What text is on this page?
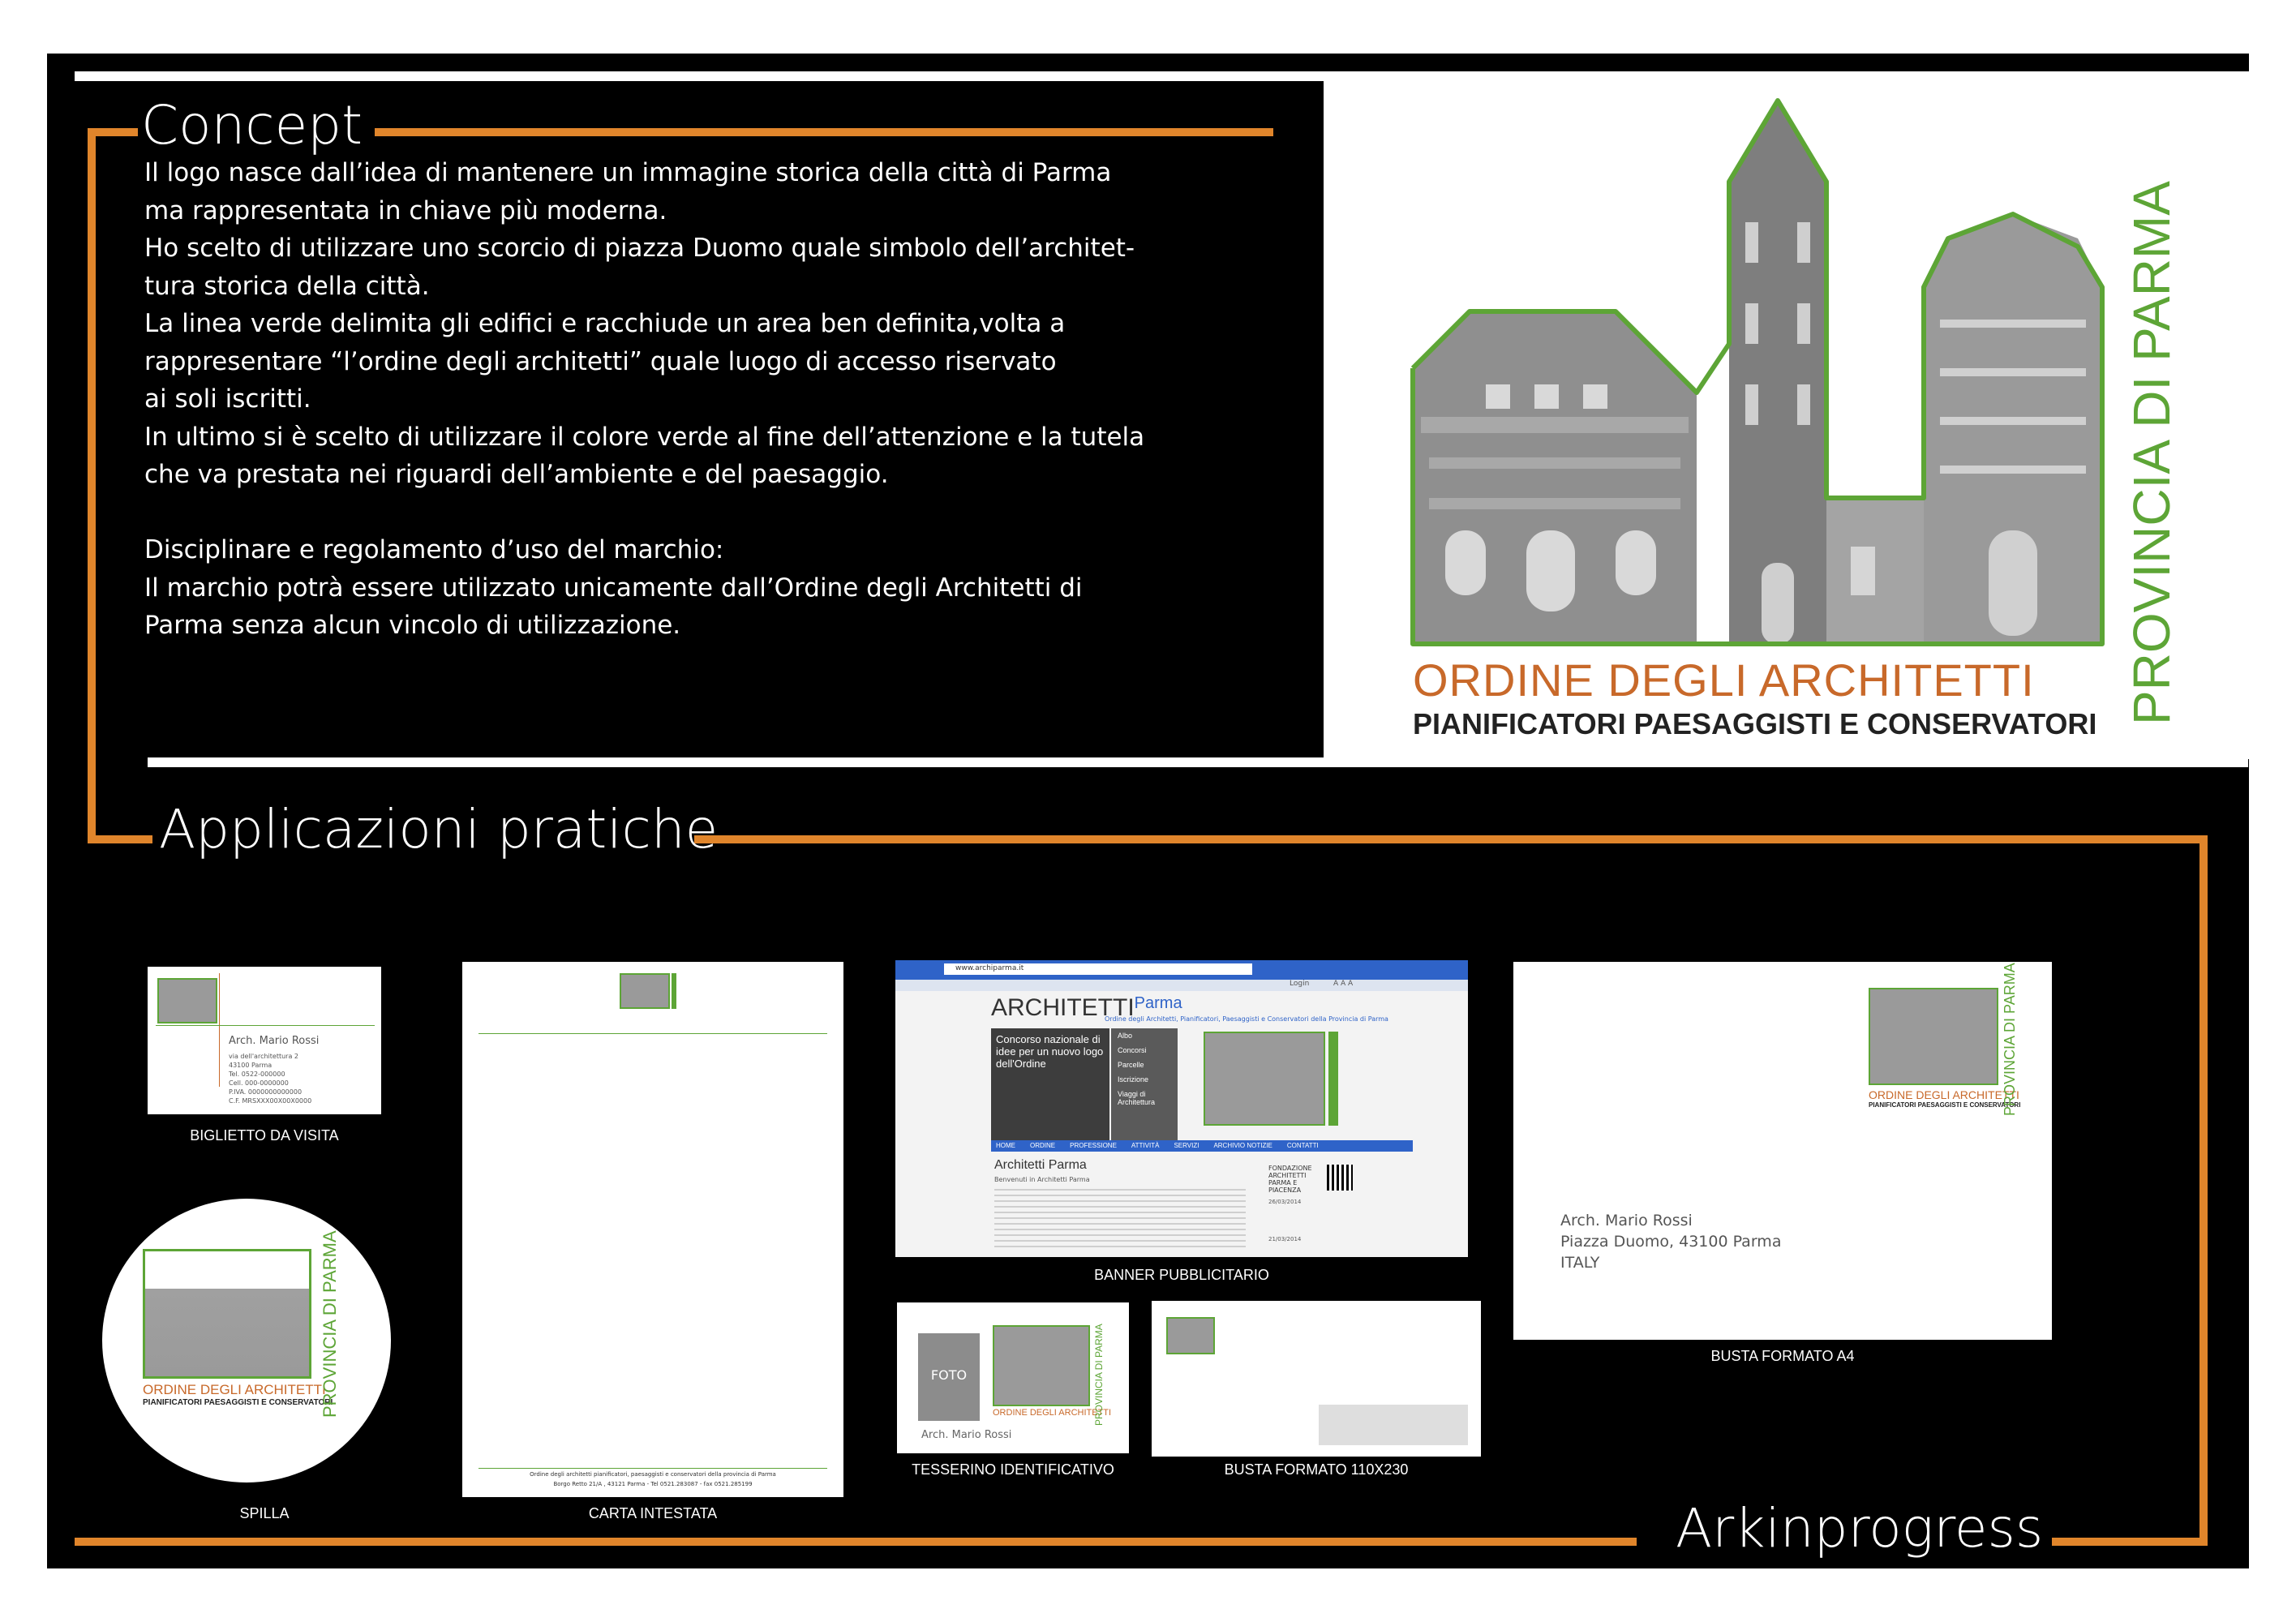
Concept

Il logo nasce dall’idea di mantenere un immagine storica della città di Parma

ma rappresentata in chiave più moderna.

Ho scelto di utilizzare uno scorcio di piazza Duomo quale simbolo dell’architet-

tura storica della città.

La linea verde delimita gli edifici e racchiude un area ben definita,volta a

rappresentare “l’ordine degli architetti” quale luogo di accesso riservato

ai soli iscritti.

In ultimo si è scelto di utilizzare il colore verde al fine dell’attenzione e la tutela

che va prestata nei riguardi dell’ambiente e del paesaggio.

Disciplinare e regolamento d’uso del marchio:

Il marchio potrà essere utilizzato unicamente dall’Ordine degli Architetti di

Parma senza alcun vincolo di utilizzazione.

ORDINE DEGLI ARCHITETTI
PIANIFICATORI PAESAGGISTI E CONSERVATORI PROVINCIA DI PARMA
Applicazioni pratiche
Arch. Mario Rossi
via dell'architettura 2
43100 Parma
Tel. 0522-000000
Cell. 000-0000000
P.IVA. 0000000000000
C.F. MRSXXX00X00X0000
BIGLIETTO DA VISITA
ORDINE DEGLI ARCHITETTI
PIANIFICATORI PAESAGGISTI E CONSERVATORI
PROVINCIA DI PARMA
SPILLA
Ordine degli architetti pianificatori, paesaggisti e conservatori della provincia di Parma
Borgo Retto 21/A , 43121 Parma - Tel 0521.283087 - fax 0521.285199
CARTA INTESTATA
www.archiparma.it
Login	A A A
ARCHITETTIParma
Ordine degli Architetti, Pianificatori, Paesaggisti e Conservatori della Provincia di Parma
Concorso nazionale di idee per un nuovo logo dell'Ordine
Albo
Concorsi
Parcelle
Iscrizione
Viaggi di Architettura
HOME ORDINE PROFESSIONE ATTIVITÀ SERVIZI ARCHIVIO NOTIZIE CONTATTI
Architetti Parma
Benvenuti in Architetti Parma
FONDAZIONE ARCHITETTI PARMA E PIACENZA
26/03/2014
21/03/2014
BANNER PUBBLICITARIO
FOTO
ORDINE DEGLI ARCHITETTI
PROVINCIA DI PARMA
Arch. Mario Rossi
TESSERINO IDENTIFICATIVO	BUSTA FORMATO 110X230
ORDINE DEGLI ARCHITETTI
PIANIFICATORI PAESAGGISTI E CONSERVATORI
PROVINCIA DI PARMA
Arch. Mario Rossi
Piazza Duomo, 43100 Parma
ITALY
BUSTA FORMATO A4
Arkinprogress
